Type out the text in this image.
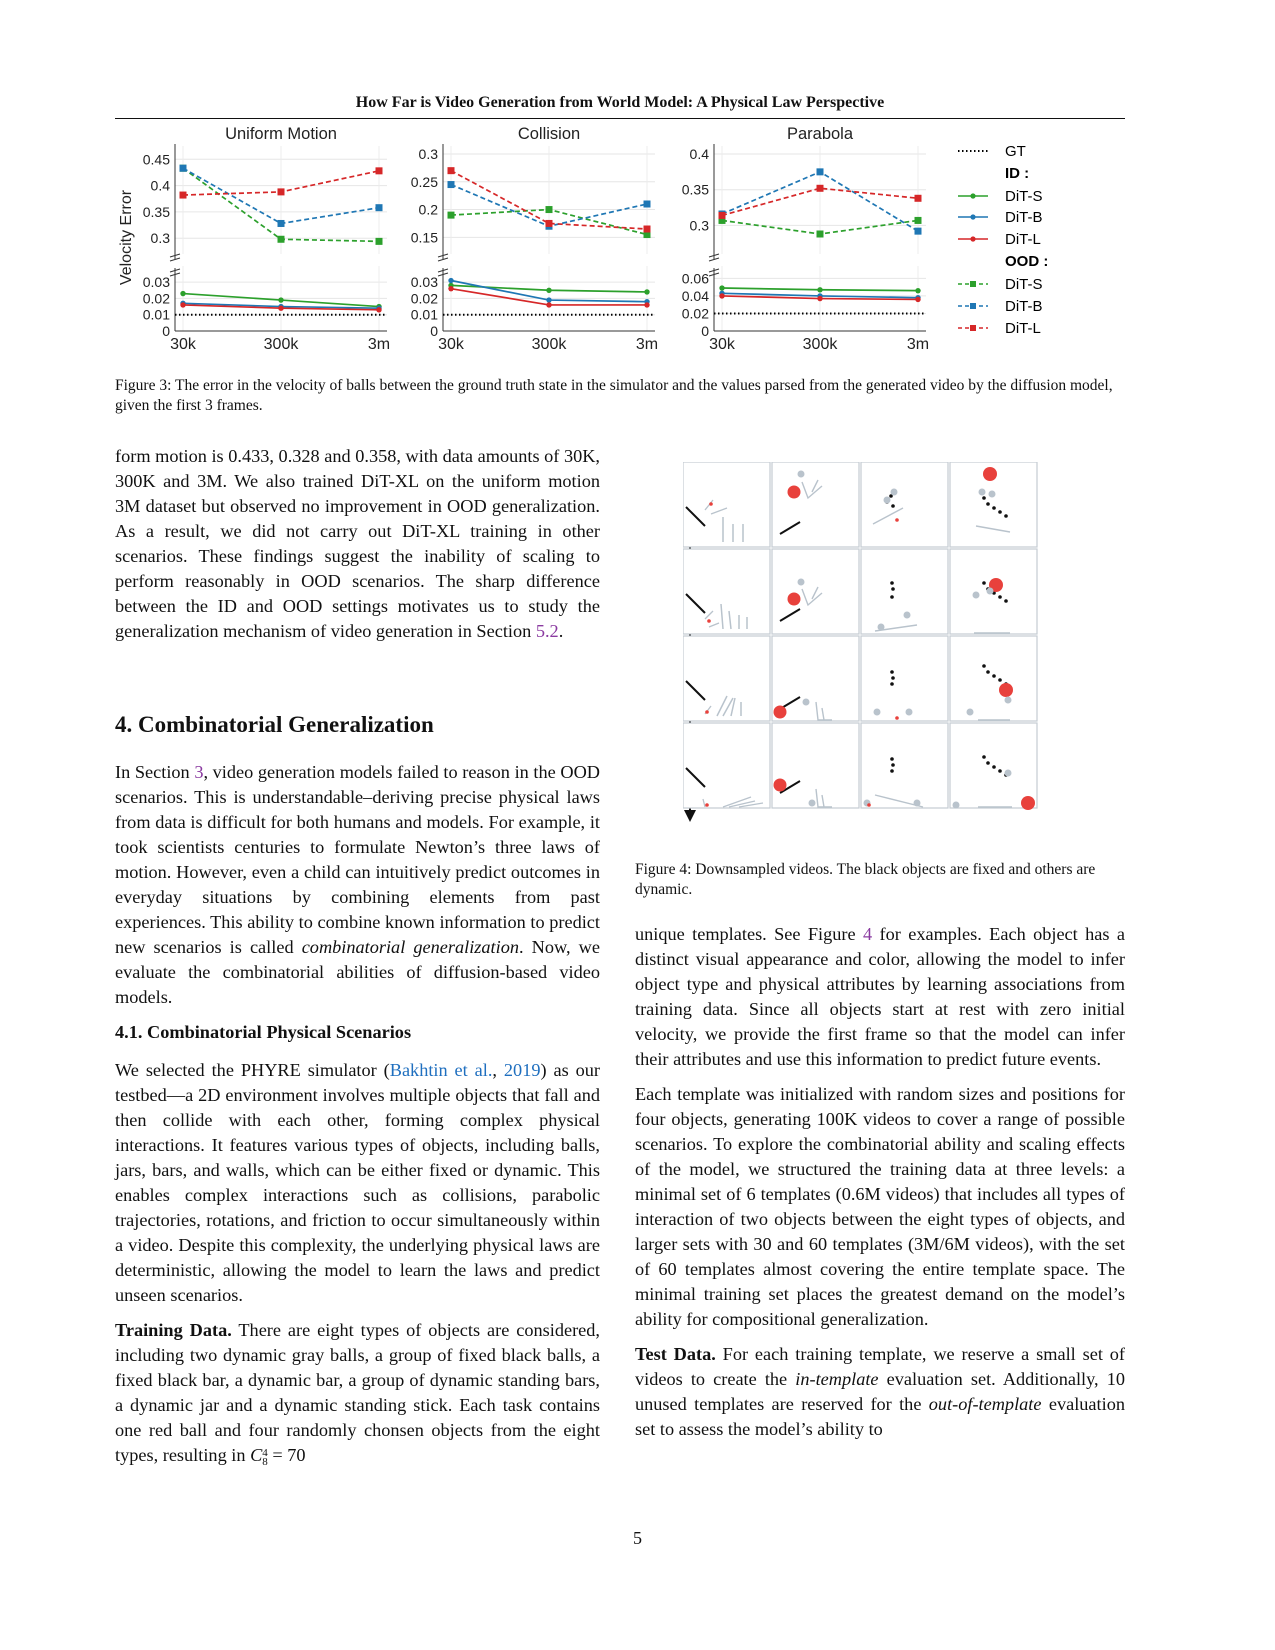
How Far is Video Generation from World Model: A Physical Law Perspective
0.3
0.35
0.4
0.45
0
0.01
0.02
0.03
30k	300k	3m
Uniform Motion
Velocity Error	0.15
0.2
0.25
0.3
0
0.01
0.02
0.03
30k	300k	3m
Collision
0.3
0.35
0.4
0
0.02
0.04
0.06
30k	300k	3m
Parabola
GT
ID :
DiT-S
DiT-B
DiT-L
OOD :
DiT-S
DiT-B
DiT-L
Figure 3: The error in the velocity of balls between the ground truth state in the simulator and the values parsed from the generated video by the diffusion model, given the first 3 frames.

form motion is 0.433, 0.328 and 0.358, with data amounts of 30K, 300K and 3M. We also trained DiT-XL on the uniform motion 3M dataset but observed no improvement in OOD generalization. As a result, we did not carry out DiT-XL training in other scenarios. These findings suggest the inability of scaling to perform reasonably in OOD scenarios. The sharp difference between the ID and OOD settings motivates us to study the generalization mechanism of video generation in Section 5.2.

4. Combinatorial Generalization

In Section 3, video generation models failed to reason in the OOD scenarios. This is understandable–deriving precise physical laws from data is difficult for both humans and models. For example, it took scientists centuries to formulate Newton’s three laws of motion. However, even a child can intuitively predict outcomes in everyday situations by combining elements from past experiences. This ability to combine known information to predict new scenarios is called combinatorial generalization. Now, we evaluate the combinatorial abilities of diffusion-based video models.

4.1. Combinatorial Physical Scenarios

We selected the PHYRE simulator (Bakhtin et al., 2019) as our testbed—a 2D environment involves multiple objects that fall and then collide with each other, forming complex physical interactions. It features various types of objects, including balls, jars, bars, and walls, which can be either fixed or dynamic. This enables complex interactions such as collisions, parabolic trajectories, rotations, and friction to occur simultaneously within a video. Despite this complexity, the underlying physical laws are deterministic, allowing the model to learn the laws and predict unseen scenarios.

Training Data. There are eight types of objects are considered, including two dynamic gray balls, a group of fixed black balls, a fixed black bar, a dynamic bar, a group of dynamic standing bars, a dynamic jar and a dynamic standing stick. Each task contains one red ball and four randomly chonsen objects from the eight types, resulting in C 4
8 = 70

Figure 4: Downsampled videos. The black objects are fixed and others are dynamic.

unique templates. See Figure 4 for examples. Each object has a distinct visual appearance and color, allowing the model to infer object type and physical attributes by learning associations from training data. Since all objects start at rest with zero initial velocity, we provide the first frame so that the model can infer their attributes and use this information to predict future events.

Each template was initialized with random sizes and positions for four objects, generating 100K videos to cover a range of possible scenarios. To explore the combinatorial ability and scaling effects of the model, we structured the training data at three levels: a minimal set of 6 templates (0.6M videos) that includes all types of interaction of two objects between the eight types of objects, and larger sets with 30 and 60 templates (3M/6M videos), with the set of 60 templates almost covering the entire template space. The minimal training set places the greatest demand on the model’s ability for compositional generalization.

Test Data. For each training template, we reserve a small set of videos to create the in-template evaluation set. Additionally, 10 unused templates are reserved for the out-of-template evaluation set to assess the model’s ability to

5
